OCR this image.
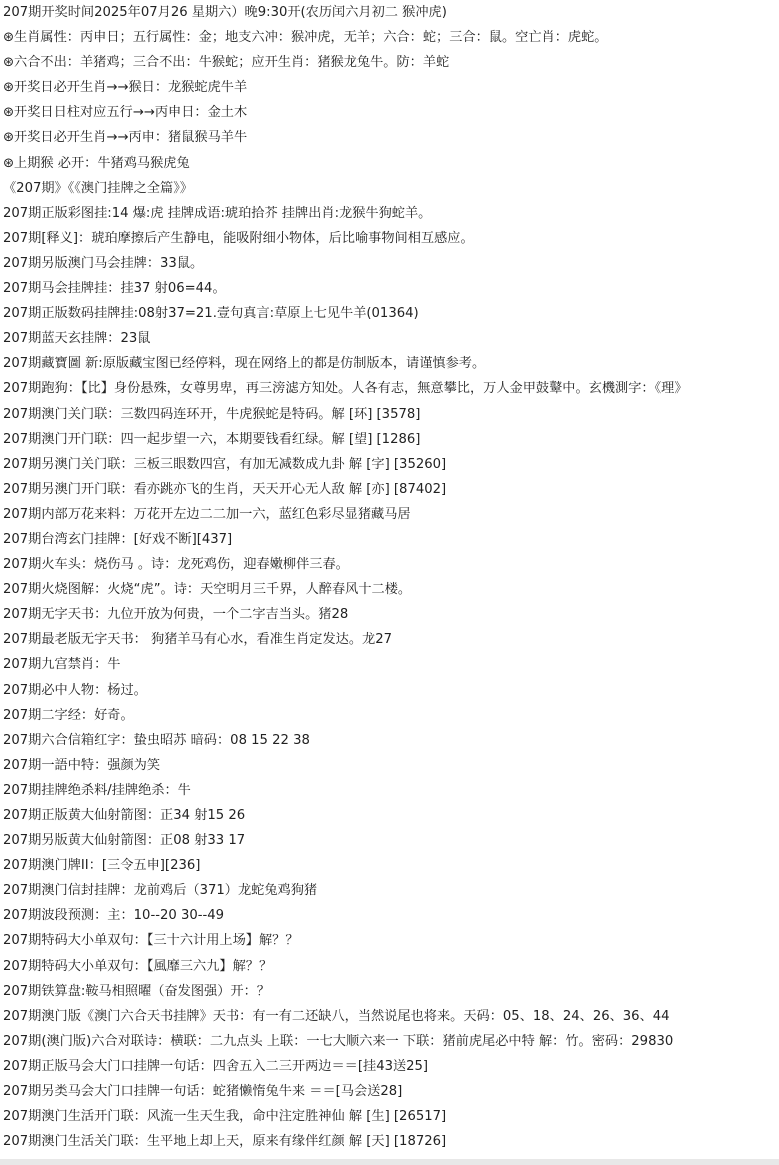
207期开奖时间2025年07月26 星期六）晚9:30开(农历闰六月初二 猴冲虎)
⊛生肖属性：丙申日；五行属性：金；地支六冲：猴冲虎，无羊；六合：蛇；三合：鼠。空亡肖：虎蛇。
⊛六合不出：羊猪鸡；三合不出：牛猴蛇；应开生肖：猪猴龙兔牛。防：羊蛇
⊛开奖日必开生肖→→猴日：龙猴蛇虎牛羊
⊛开奖日日柱对应五行→→丙申日：金土木
⊛开奖日必开生肖→→丙申：猪鼠猴马羊牛
⊛上期猴 必开：牛猪鸡马猴虎兔
《207期》《《澳门挂牌之全篇》》
207期正版彩图挂:14 爆:虎 挂牌成语:琥珀拾芥 挂牌出肖:龙猴牛狗蛇羊。
207期[释义]：琥珀摩擦后产生静电，能吸附细小物体，后比喻事物间相互感应。
207期另版澳门马会挂牌：33鼠。
207期马会挂牌挂：挂37 射06=44。
207期正版数码挂牌挂:08射37=21.壹句真言:草原上七见牛羊(01364)
207期蓝天玄挂牌：23鼠
207期藏寶圖 新:原版藏宝图已经停料，现在网络上的都是仿制版本，请谨慎参考。
207期跑狗：【比】身份悬殊，女尊男卑，再三滂滤方知处。人各有志，無意攀比，万人金甲鼓鼙中。玄機測字：《理》
207期澳门关门联：三数四码连环开，牛虎猴蛇是特码。解 [环] [3578]
207期澳门开门联：四一起步望一六，本期要钱看红绿。解 [望] [1286]
207期另澳门关门联：三板三眼数四宫，有加无减数成九卦 解 [字] [35260]
207期另澳门开门联：看亦跳亦飞的生肖，天天开心无人敌 解 [亦] [87402]
207期内部万花来料：万花开左边二二加一六，蓝红色彩尽显猪藏马居
207期台湾玄门挂牌：[好戏不断][437]
207期火车头：烧伤马 。诗：龙死鸡伤，迎春嫩柳伴三春。
207期火烧图解：火烧“虎”。诗：天空明月三千界，人醉春风十二楼。
207期无字天书：九位开放为何贵，一个二字吉当头。猪28
207期最老版无字天书： 狗猪羊马有心水，看准生肖定发达。龙27
207期九宫禁肖：牛
207期必中人物：杨过。
207期二字经：好奇。
207期六合信箱红字：蛰虫昭苏 暗码：08 15 22 38
207期一語中特：强颜为笑
207期挂牌绝杀料/挂牌绝杀：牛
207期正版黄大仙射箭图：正34 射15 26
207期另版黄大仙射箭图：正08 射33 17
207期澳门牌II：[三令五申][236]
207期澳门信封挂牌：龙前鸡后（371）龙蛇兔鸡狗猪
207期波段预测：主：10--20 30--49
207期特码大小单双句：【三十六计用上场】解？？
207期特码大小单双句：【風靡三六九】解？？
207期铁算盘:鞍马相照曜（奋发图强）开：？
207期澳门版《澳门六合天书挂牌》天书：有一有二还缺八，当然说尾也将来。天码：05、18、24、26、36、44
207期(澳门版)六合对联诗：横联：二九点头 上联：一七大顺六来一 下联：猪前虎尾必中特 解：竹。密码：29830
207期正版马会大门口挂牌一句话：四舍五入二三开两边＝＝[挂43送25]
207期另类马会大门口挂牌一句话：蛇猪懒惰兔牛来 ＝＝[马会送28]
207期澳门生活开门联：风流一生天生我，命中注定胜神仙 解 [生] [26517]
207期澳门生活关门联：生平地上却上天，原来有缘伴红颜 解 [天] [18726]
